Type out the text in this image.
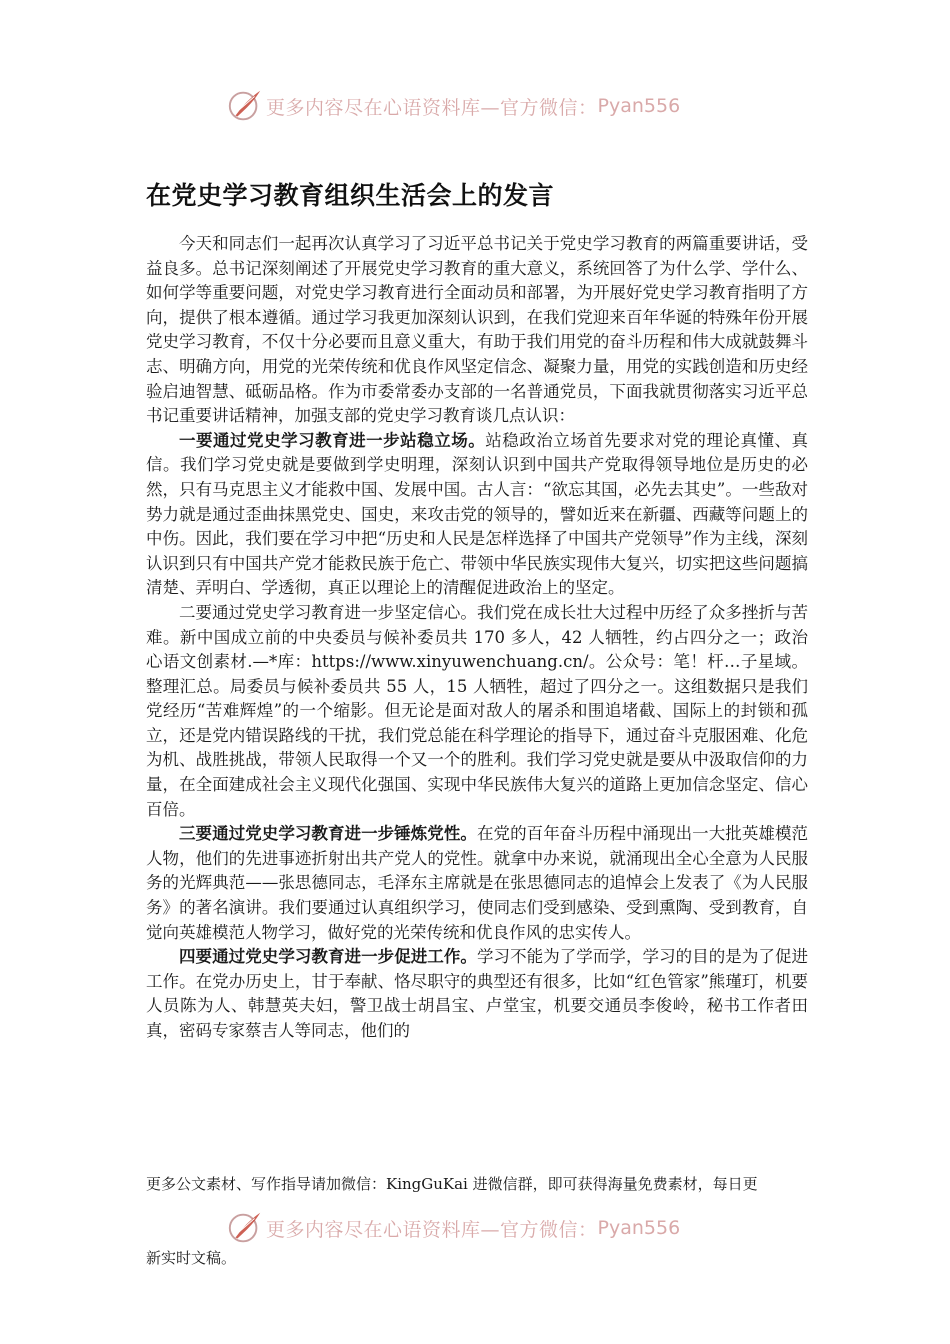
更多内容尽在心语资料库—官方微信： Pyan556
在党史学习教育组织生活会上的发言

今天和同志们一起再次认真学习了习近平总书记关于党史学习教育的两篇重要讲话，受益良多。总书记深刻阐述了开展党史学习教育的重大意义，系统回答了为什么学、学什么、如何学等重要问题，对党史学习教育进行全面动员和部署，为开展好党史学习教育指明了方向，提供了根本遵循。通过学习我更加深刻认识到，在我们党迎来百年华诞的特殊年份开展党史学习教育，不仅十分必要而且意义重大，有助于我们用党的奋斗历程和伟大成就鼓舞斗志、明确方向，用党的光荣传统和优良作风坚定信念、凝聚力量，用党的实践创造和历史经验启迪智慧、砥砺品格。作为市委常委办支部的一名普通党员，下面我就贯彻落实习近平总书记重要讲话精神，加强支部的党史学习教育谈几点认识：

一要通过党史学习教育进一步站稳立场。站稳政治立场首先要求对党的理论真懂、真信。我们学习党史就是要做到学史明理，深刻认识到中国共产党取得领导地位是历史的必然，只有马克思主义才能救中国、发展中国。古人言：“欲忘其国，必先去其史”。一些敌对势力就是通过歪曲抹黑党史、国史，来攻击党的领导的，譬如近来在新疆、西藏等问题上的中伤。因此，我们要在学习中把“历史和人民是怎样选择了中国共产党领导”作为主线，深刻认识到只有中国共产党才能救民族于危亡、带领中华民族实现伟大复兴，切实把这些问题搞清楚、弄明白、学透彻，真正以理论上的清醒促进政治上的坚定。

二要通过党史学习教育进一步坚定信心。我们党在成长壮大过程中历经了众多挫折与苦难。新中国成立前的中央委员与候补委员共 170 多人，42 人牺牲，约占四分之一；政治心语文创素材.—*库：https://www.xinyuwenchuang.cn/。公众号：笔！杆…子星域。整理汇总。局委员与候补委员共 55 人，15 人牺牲，超过了四分之一。这组数据只是我们党经历“苦难辉煌”的一个缩影。但无论是面对敌人的屠杀和围追堵截、国际上的封锁和孤立，还是党内错误路线的干扰，我们党总能在科学理论的指导下，通过奋斗克服困难、化危为机、战胜挑战，带领人民取得一个又一个的胜利。我们学习党史就是要从中汲取信仰的力量，在全面建成社会主义现代化强国、实现中华民族伟大复兴的道路上更加信念坚定、信心百倍。

三要通过党史学习教育进一步锤炼党性。在党的百年奋斗历程中涌现出一大批英雄模范人物，他们的先进事迹折射出共产党人的党性。就拿中办来说，就涌现出全心全意为人民服务的光辉典范——张思德同志，毛泽东主席就是在张思德同志的追悼会上发表了《为人民服务》的著名演讲。我们要通过认真组织学习，使同志们受到感染、受到熏陶、受到教育，自觉向英雄模范人物学习，做好党的光荣传统和优良作风的忠实传人。

四要通过党史学习教育进一步促进工作。学习不能为了学而学，学习的目的是为了促进工作。在党办历史上，甘于奉献、恪尽职守的典型还有很多，比如“红色管家”熊瑾玎，机要人员陈为人、韩慧英夫妇，警卫战士胡昌宝、卢堂宝，机要交通员李俊岭，秘书工作者田真，密码专家蔡吉人等同志，他们的

更多公文素材、写作指导请加微信：KingGuKai 进微信群，即可获得海量免费素材，每日更
更多内容尽在心语资料库—官方微信： Pyan556
新实时文稿。
